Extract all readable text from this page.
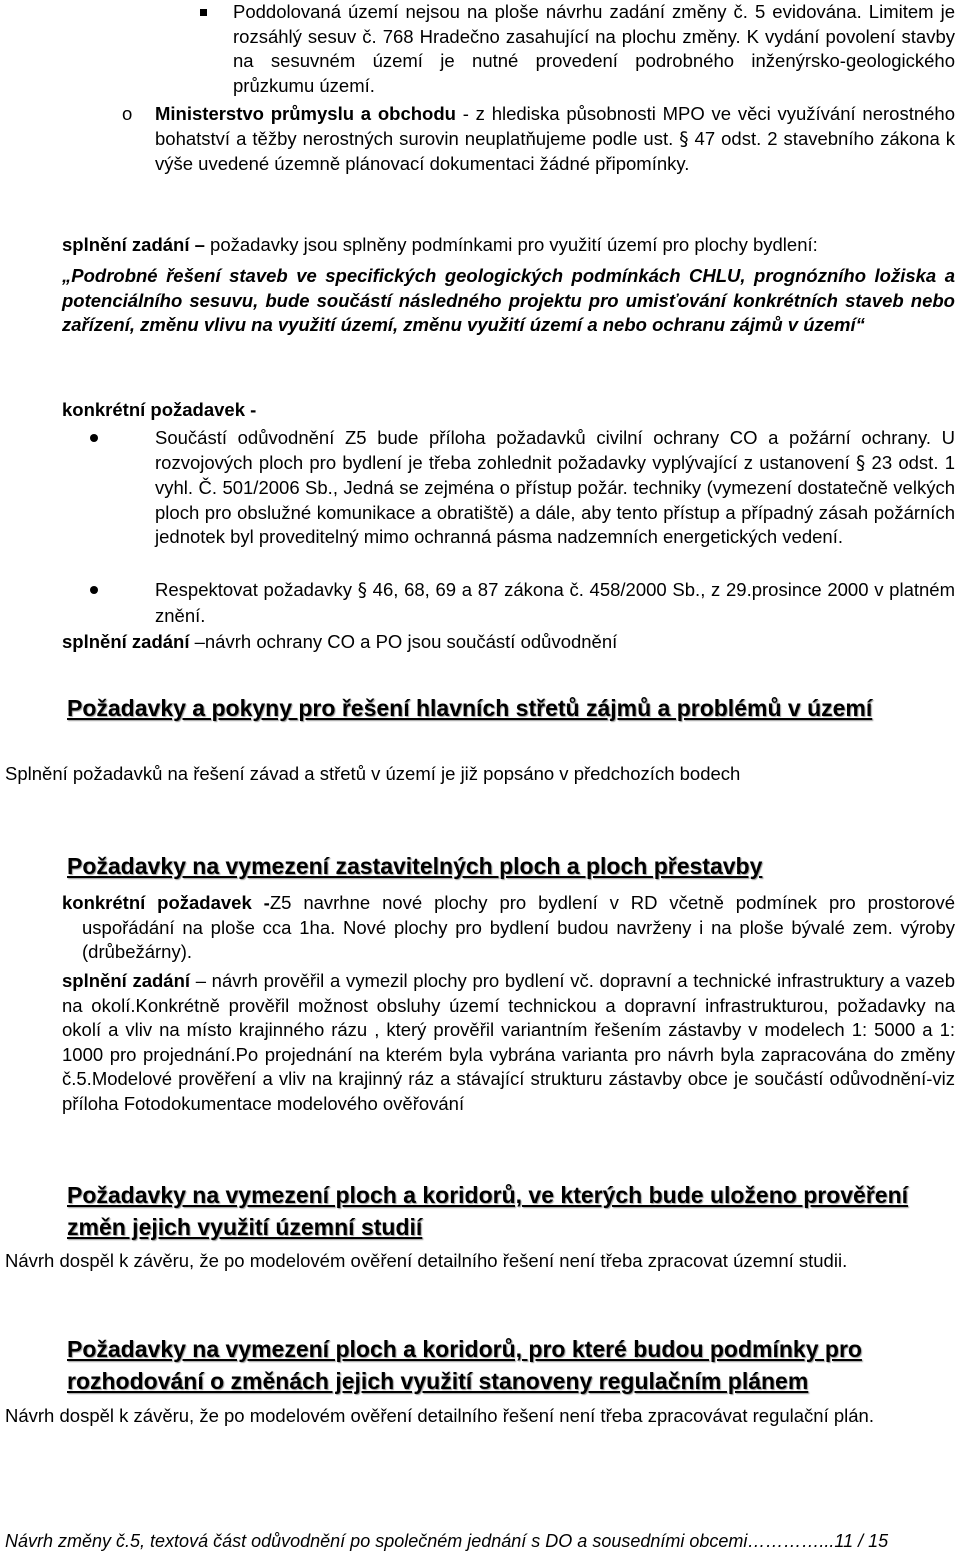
Poddolovaná území nejsou na ploše návrhu zadání změny č. 5 evidována. Limitem je rozsáhlý sesuv č. 768 Hradečno zasahující na plochu změny. K vydání povolení stavby na sesuvném území je nutné provedení podrobného inženýrsko-geologického průzkumu území.
o Ministerstvo průmyslu a obchodu - z hlediska působnosti MPO ve věci využívání nerostného bohatství a těžby nerostných surovin neuplatňujeme podle ust. § 47 odst. 2 stavebního zákona k výše uvedené územně plánovací dokumentaci žádné připomínky.
splnění zadání – požadavky jsou splněny podmínkami pro využití území pro plochy bydlení:
„Podrobné řešení staveb ve specifických geologických podmínkách CHLU, prognózního ložiska a potenciálního sesuvu, bude součástí následného projektu pro umisťování konkrétních staveb nebo zařízení, změnu vlivu na využití území, změnu využití území a nebo ochranu zájmů v území“
konkrétní požadavek -
Součástí odůvodnění Z5 bude příloha požadavků civilní ochrany CO a požární ochrany. U rozvojových ploch pro bydlení je třeba zohlednit požadavky vyplývající z ustanovení § 23 odst. 1 vyhl. Č. 501/2006 Sb., Jedná se zejména o přístup požár. techniky (vymezení dostatečně velkých ploch pro obslužné komunikace a obratiště) a dále, aby tento přístup a případný zásah požárních jednotek byl proveditelný mimo ochranná pásma nadzemních energetických vedení.
Respektovat požadavky § 46, 68, 69 a 87 zákona č. 458/2000 Sb., z 29.prosince 2000 v platném znění.
splnění zadání –návrh ochrany CO a PO jsou součástí odůvodnění
Požadavky a pokyny pro řešení hlavních střetů zájmů a problémů v území
Splnění požadavků na řešení závad a střetů v území je již popsáno v předchozích bodech
Požadavky na vymezení zastavitelných ploch a ploch přestavby
konkrétní požadavek -Z5 navrhne nové plochy pro bydlení v RD včetně podmínek pro prostorové uspořádání na ploše cca 1ha. Nové plochy pro bydlení budou navrženy i na ploše bývalé zem. výroby (drůbežárny).
splnění zadání – návrh prověřil a vymezil plochy pro bydlení vč. dopravní a technické infrastruktury a vazeb na okolí.Konkrétně prověřil možnost obsluhy území technickou a dopravní infrastrukturou, požadavky na okolí a vliv na místo krajinného rázu , který prověřil variantním řešením zástavby v modelech 1: 5000 a 1: 1000 pro projednání.Po projednání na kterém byla vybrána varianta pro návrh byla zapracována do změny č.5.Modelové prověření a vliv na krajinný ráz a stávající strukturu zástavby obce je součástí odůvodnění-viz příloha Fotodokumentace modelového ověřování
Požadavky na vymezení ploch a koridorů, ve kterých bude uloženo prověření změn jejich využití územní studií
Návrh dospěl k závěru, že po modelovém ověření detailního řešení není třeba zpracovat územní studii.
Požadavky na vymezení ploch a koridorů, pro které budou podmínky pro rozhodování o změnách jejich využití stanoveny regulačním plánem
Návrh dospěl k závěru, že po modelovém ověření detailního řešení není třeba zpracovávat regulační plán.
Návrh změny č.5, textová část odůvodnění po společném jednání s DO a sousedními obcemi…………...11 / 15
